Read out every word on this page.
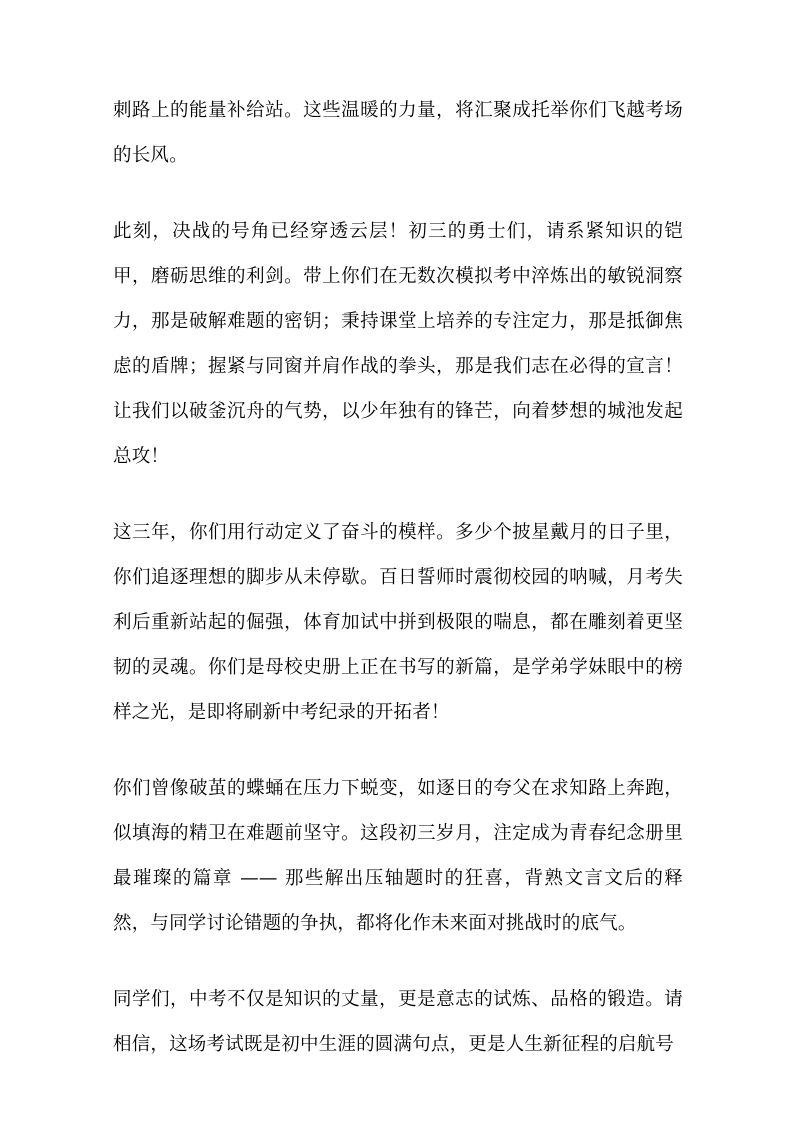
刺路上的能量补给站。这些温暖的力量，将汇聚成托举你们飞越考场的长风。

此刻，决战的号角已经穿透云层！初三的勇士们，请系紧知识的铠甲，磨砺思维的利剑。带上你们在无数次模拟考中淬炼出的敏锐洞察力，那是破解难题的密钥；秉持课堂上培养的专注定力，那是抵御焦虑的盾牌；握紧与同窗并肩作战的拳头，那是我们志在必得的宣言！让我们以破釜沉舟的气势，以少年独有的锋芒，向着梦想的城池发起总攻！

这三年，你们用行动定义了奋斗的模样。多少个披星戴月的日子里，你们追逐理想的脚步从未停歇。百日誓师时震彻校园的呐喊，月考失利后重新站起的倔强，体育加试中拼到极限的喘息，都在雕刻着更坚韧的灵魂。你们是母校史册上正在书写的新篇，是学弟学妹眼中的榜样之光，是即将刷新中考纪录的开拓者！

你们曾像破茧的蝶蛹在压力下蜕变，如逐日的夸父在求知路上奔跑，似填海的精卫在难题前坚守。这段初三岁月，注定成为青春纪念册里最璀璨的篇章 —— 那些解出压轴题时的狂喜，背熟文言文后的释然，与同学讨论错题的争执，都将化作未来面对挑战时的底气。

同学们，中考不仅是知识的丈量，更是意志的试炼、品格的锻造。请相信，这场考试既是初中生涯的圆满句点，更是人生新征程的启航号
